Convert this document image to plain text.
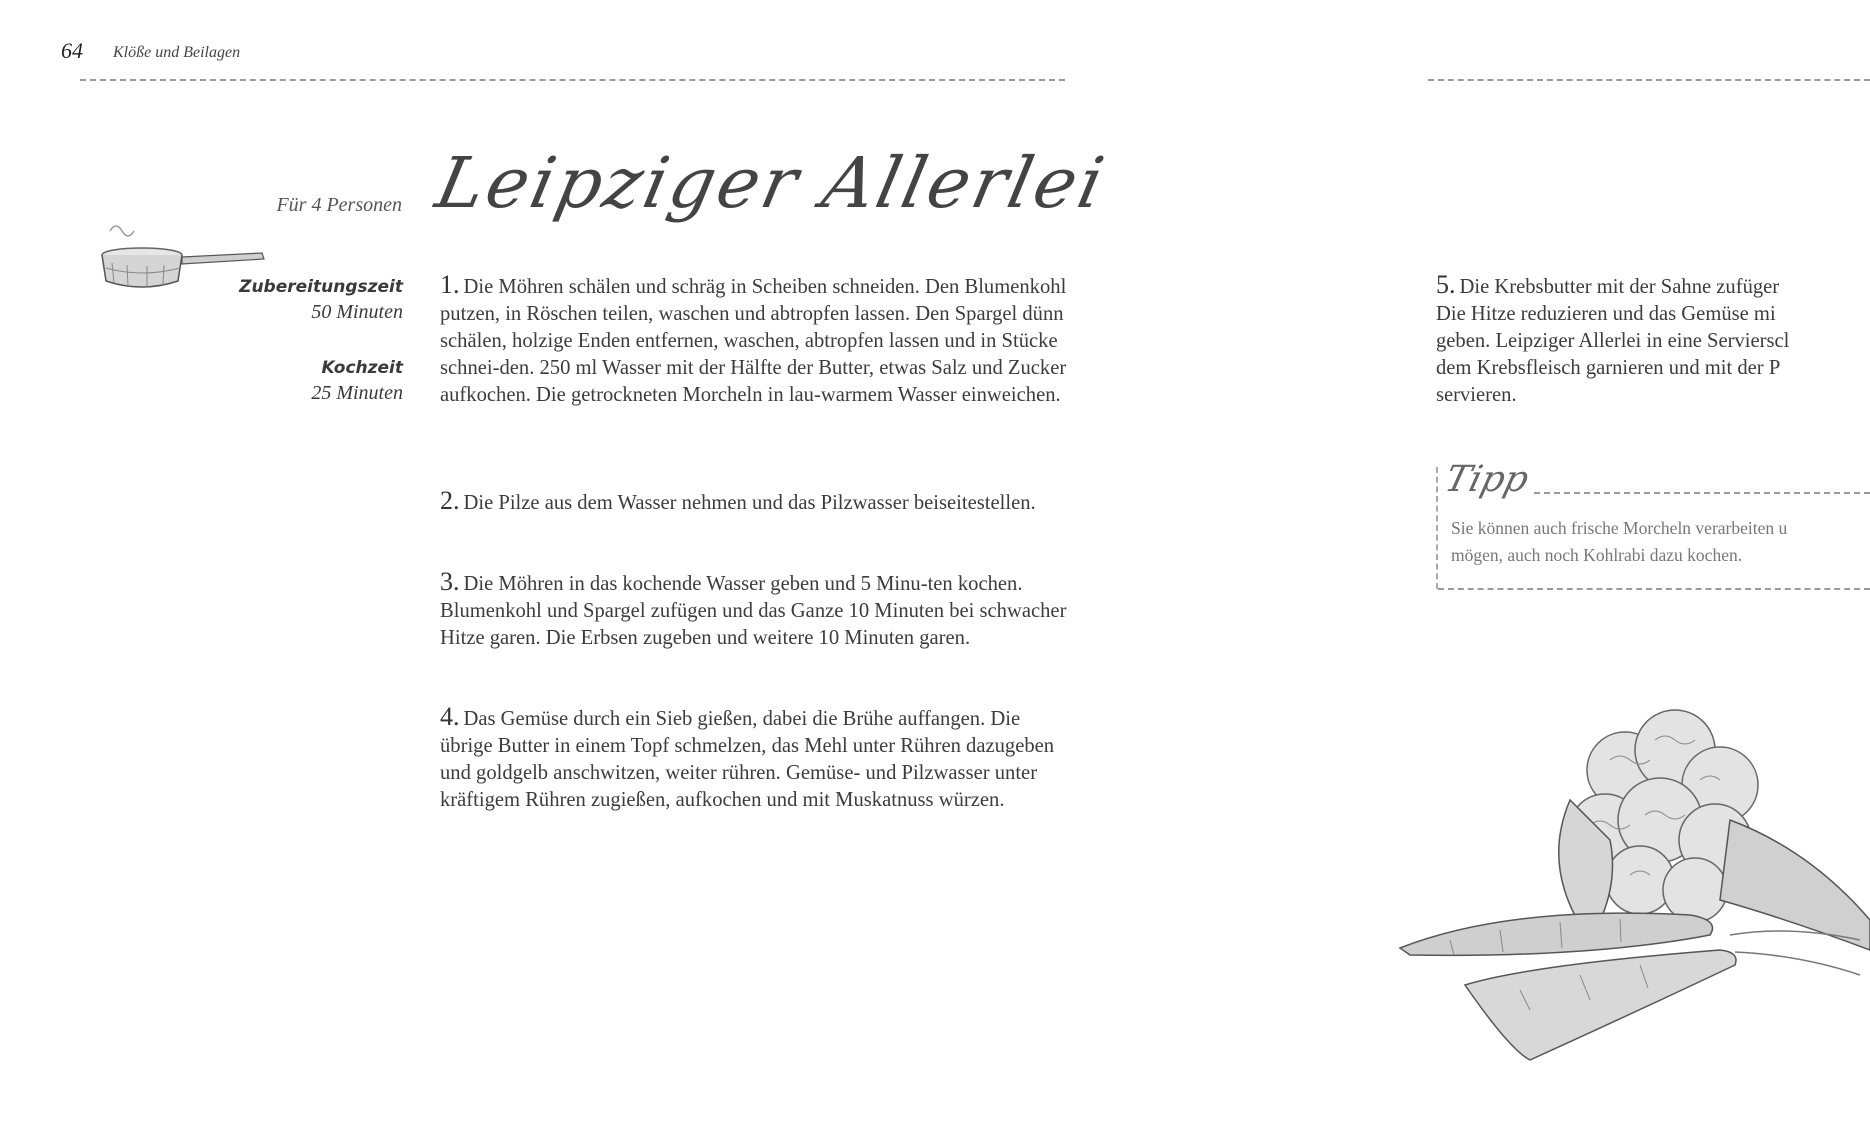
64 Klöße und Beilagen
Für 4 Personen
Zubereitungszeit
50 Minuten
Kochzeit
25 Minuten
Leipziger Allerlei
1. Die Möhren schälen und schräg in Scheiben schneiden. Den Blumenkohl putzen, in Röschen teilen, waschen und abtropfen lassen. Den Spargel dünn schälen, holzige Enden entfernen, waschen, abtropfen lassen und in Stücke schnei-den. 250 ml Wasser mit der Hälfte der Butter, etwas Salz und Zucker aufkochen. Die getrockneten Morcheln in lau-warmem Wasser einweichen.
2. Die Pilze aus dem Wasser nehmen und das Pilzwasser beiseitestellen.
3. Die Möhren in das kochende Wasser geben und 5 Minu-ten kochen. Blumenkohl und Spargel zufügen und das Ganze 10 Minuten bei schwacher Hitze garen. Die Erbsen zugeben und weitere 10 Minuten garen.
4. Das Gemüse durch ein Sieb gießen, dabei die Brühe auffangen. Die übrige Butter in einem Topf schmelzen, das Mehl unter Rühren dazugeben und goldgelb anschwitzen, weiter rühren. Gemüse- und Pilzwasser unter kräftigem Rühren zugießen, aufkochen und mit Muskatnuss würzen.
5. Die Krebsbutter mit der Sahne zufüger
Die Hitze reduzieren und das Gemüse mi
geben. Leipziger Allerlei in eine Servierscl
dem Krebsfleisch garnieren und mit der P
servieren.
Tipp
Sie können auch frische Morcheln verarbeiten u
mögen, auch noch Kohlrabi dazu kochen.
